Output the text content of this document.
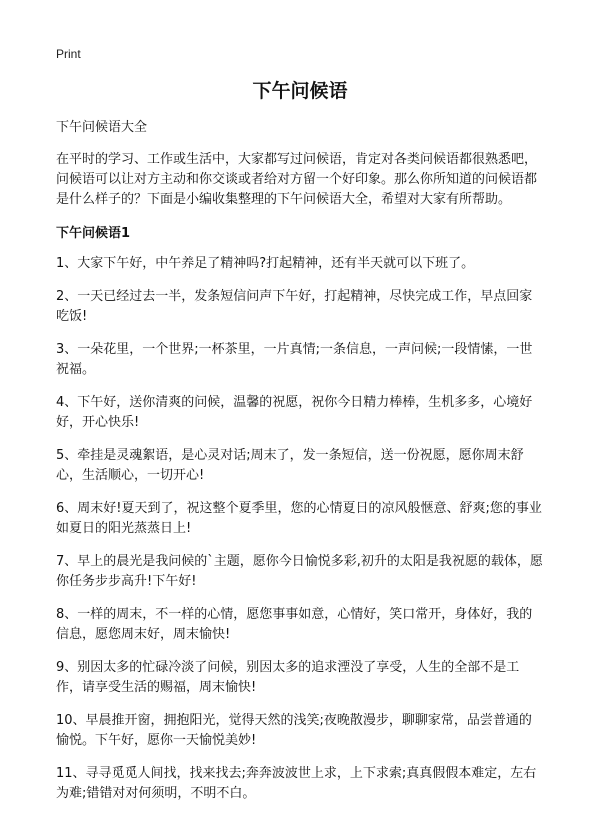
Print
下午问候语
下午问候语大全
在平时的学习、工作或生活中，大家都写过问候语，肯定对各类问候语都很熟悉吧，问候语可以让对方主动和你交谈或者给对方留一个好印象。那么你所知道的问候语都是什么样子的？下面是小编收集整理的下午问候语大全，希望对大家有所帮助。
下午问候语1
1、大家下午好，中午养足了精神吗?打起精神，还有半天就可以下班了。
2、一天已经过去一半，发条短信问声下午好，打起精神，尽快完成工作，早点回家吃饭!
3、一朵花里，一个世界;一杯茶里，一片真情;一条信息，一声问候;一段情愫，一世祝福。
4、下午好，送你清爽的问候，温馨的祝愿，祝你今日精力棒棒，生机多多，心境好好，开心快乐!
5、牵挂是灵魂絮语，是心灵对话;周末了，发一条短信，送一份祝愿，愿你周末舒心，生活顺心，一切开心!
6、周末好!夏天到了，祝这整个夏季里，您的心情夏日的凉风般惬意、舒爽;您的事业如夏日的阳光蒸蒸日上!
7、早上的晨光是我问候的`主题，愿你今日愉悦多彩,初升的太阳是我祝愿的载体，愿你任务步步高升!下午好!
8、一样的周末，不一样的心情，愿您事事如意，心情好，笑口常开，身体好，我的信息，愿您周末好，周末愉快!
9、别因太多的忙碌冷淡了问候，别因太多的追求湮没了享受，人生的全部不是工作，请享受生活的赐福，周末愉快!
10、早晨推开窗，拥抱阳光，觉得天然的浅笑;夜晚散漫步，聊聊家常，品尝普通的愉悦。下午好，愿你一天愉悦美妙!
11、寻寻觅觅人间找，找来找去;奔奔波波世上求，上下求索;真真假假本难定，左右为难;错错对对何须明，不明不白。
